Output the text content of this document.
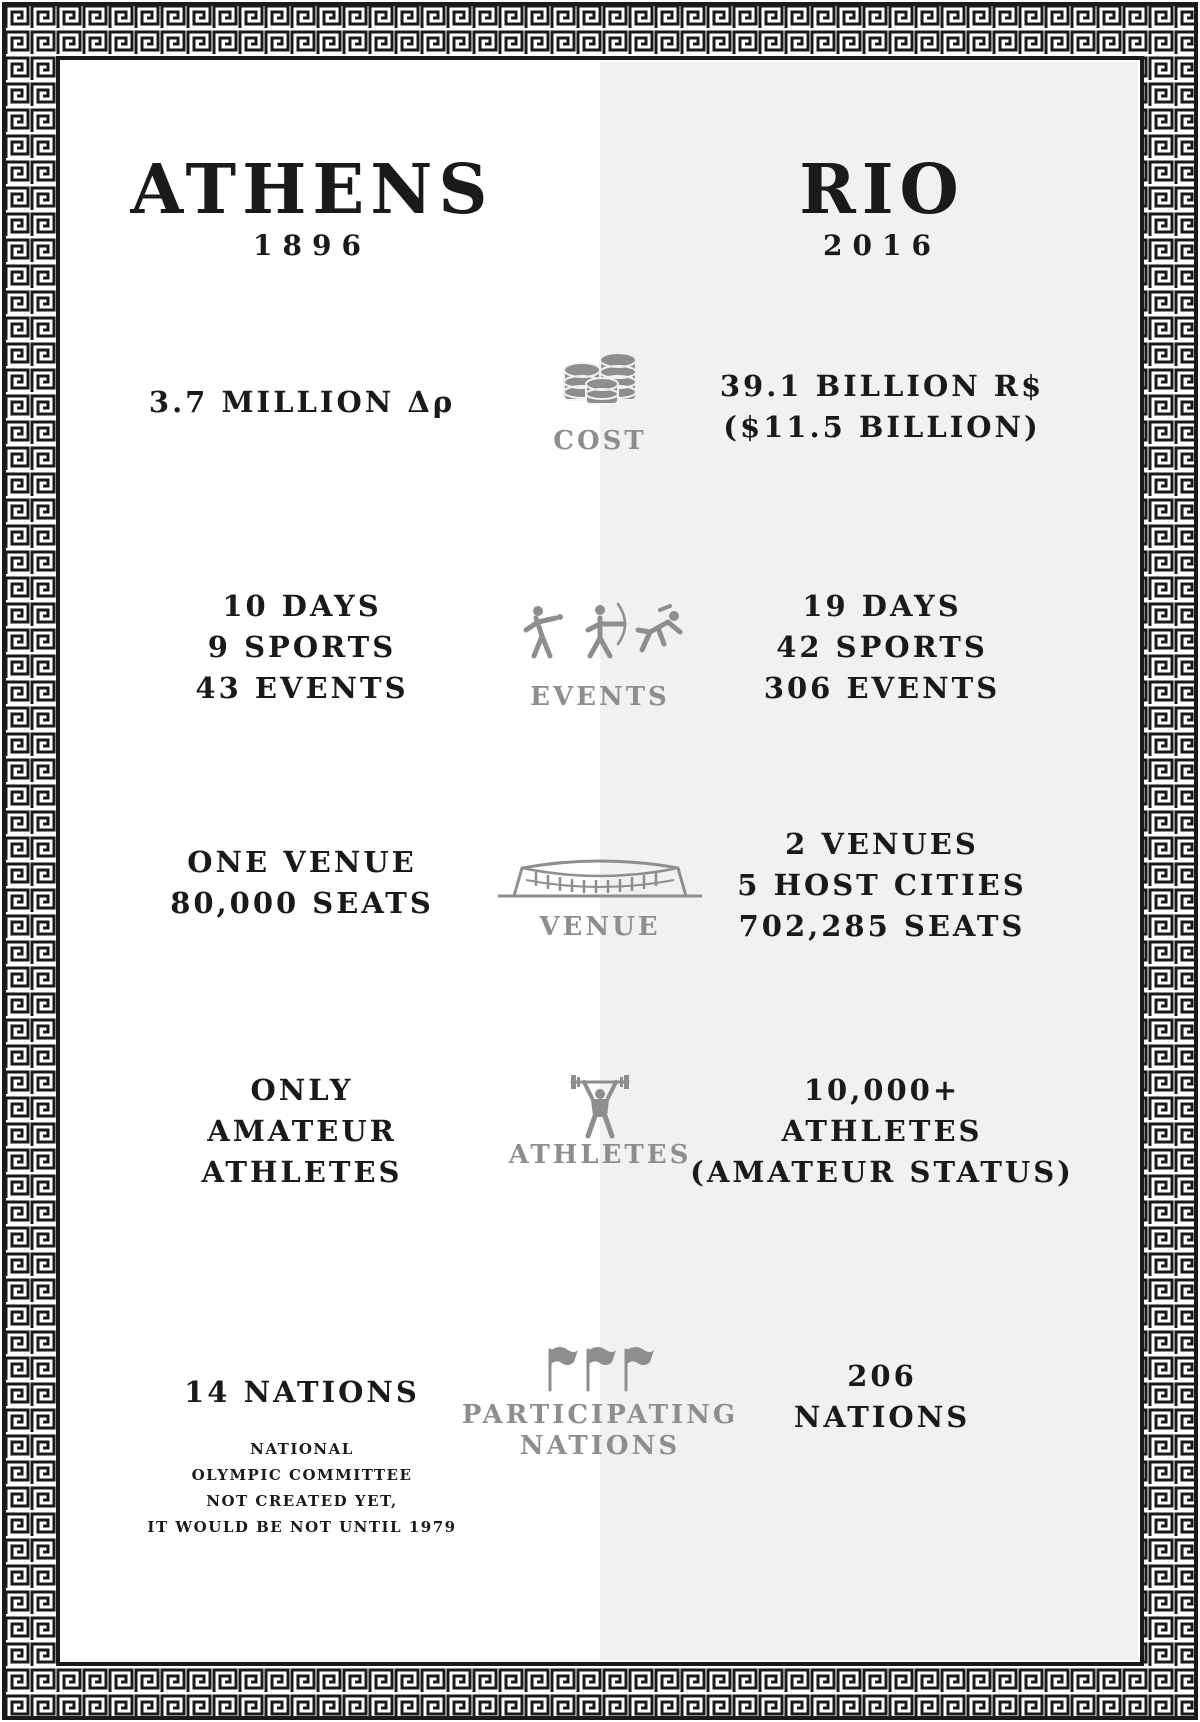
ATHENS
1896
RIO
2016
3.7 MILLION Δρ
COST
39.1 BILLION R$
($11.5 BILLION)
10 DAYS
9 SPORTS
43 EVENTS	EVENTS
19 DAYS
42 SPORTS
306 EVENTS
ONE VENUE
80,000 SEATS
VENUE
2 VENUES
5 HOST CITIES
702,285 SEATS
ONLY
AMATEUR
ATHLETES	ATHLETES
10,000+
ATHLETES
(AMATEUR STATUS)
14 NATIONS
NATIONAL
OLYMPIC COMMITTEE
NOT CREATED YET,
IT WOULD BE NOT UNTIL 1979
PARTICIPATING
NATIONS
206
NATIONS
